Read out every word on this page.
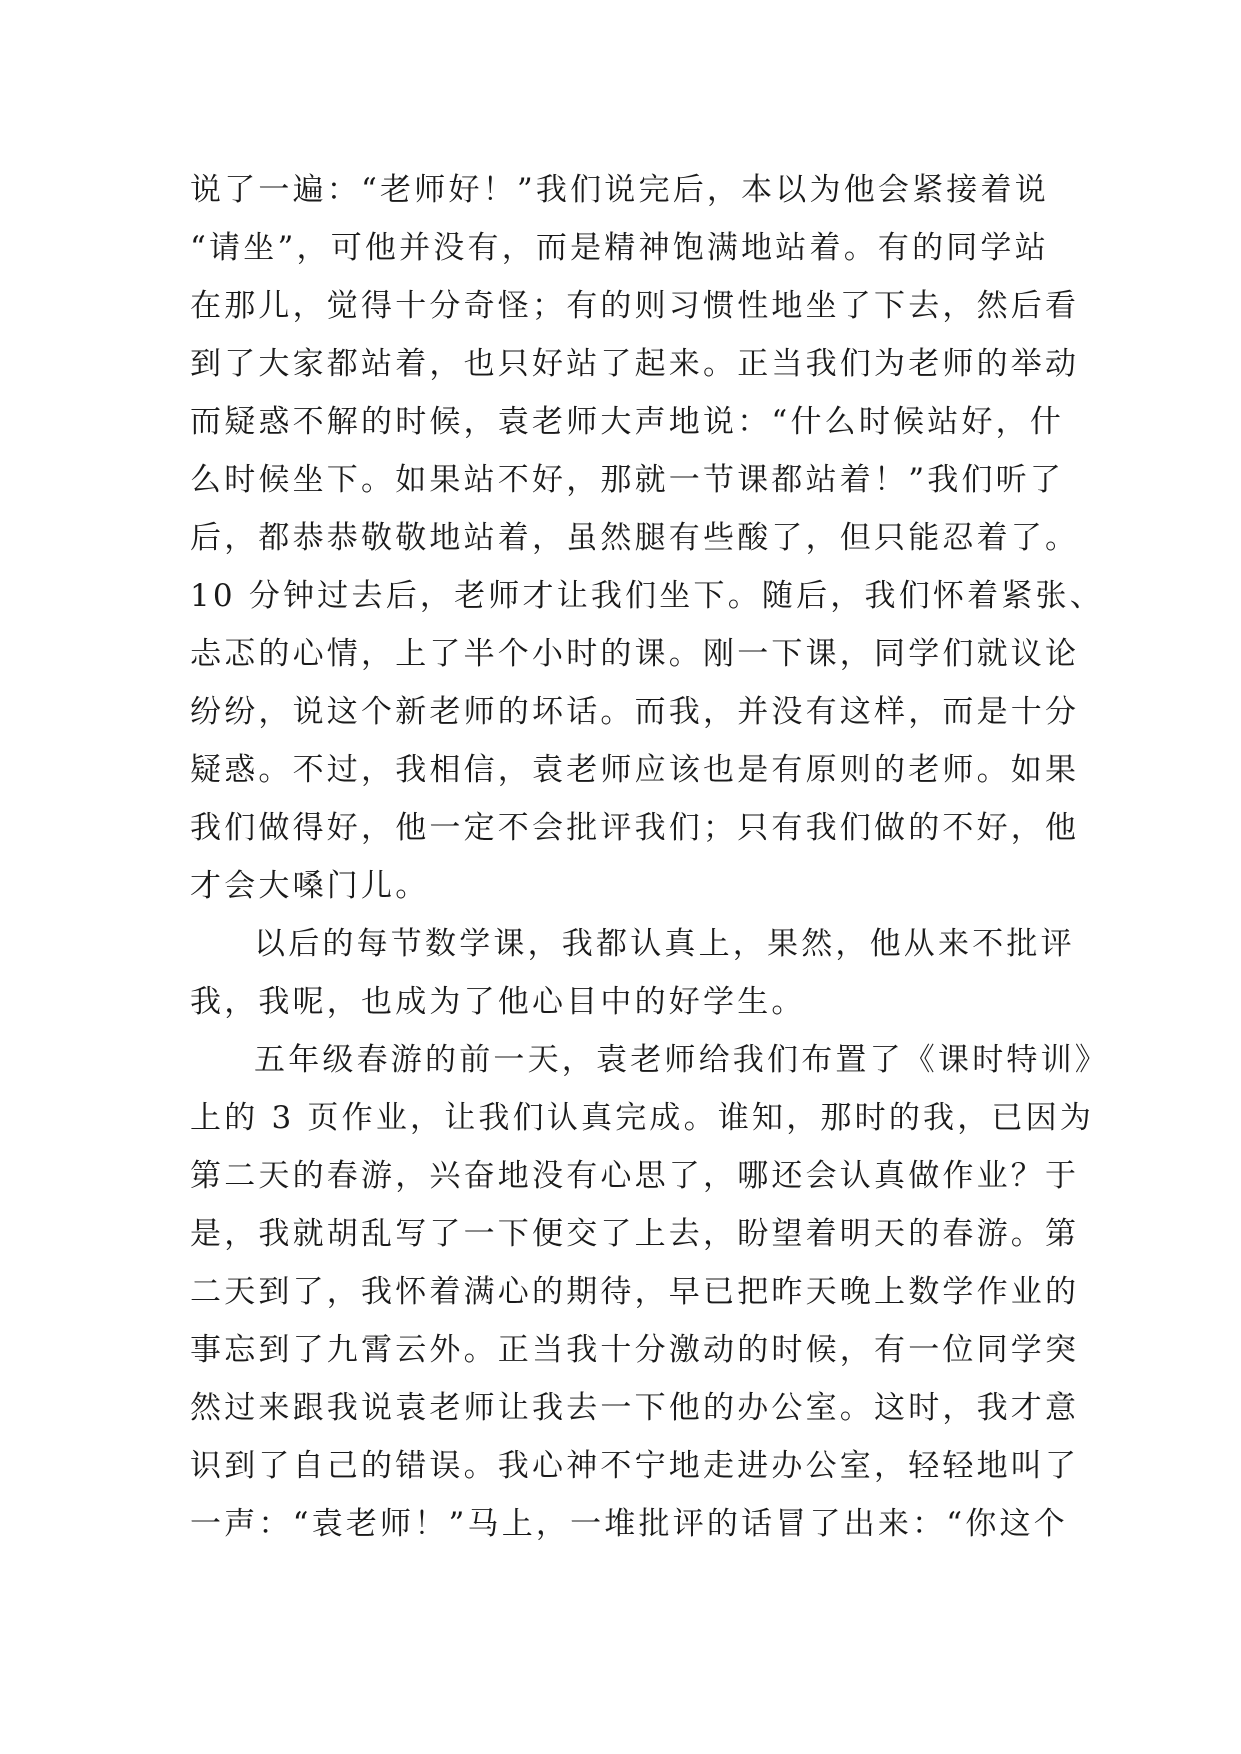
说了一遍：“老师好！”我们说完后，本以为他会紧接着说
“请坐”，可他并没有，而是精神饱满地站着。有的同学站
在那儿，觉得十分奇怪；有的则习惯性地坐了下去，然后看
到了大家都站着，也只好站了起来。正当我们为老师的举动
而疑惑不解的时候，袁老师大声地说：“什么时候站好，什
么时候坐下。如果站不好，那就一节课都站着！”我们听了
后，都恭恭敬敬地站着，虽然腿有些酸了，但只能忍着了。
10 分钟过去后，老师才让我们坐下。随后，我们怀着紧张、
忐忑的心情，上了半个小时的课。刚一下课，同学们就议论
纷纷，说这个新老师的坏话。而我，并没有这样，而是十分
疑惑。不过，我相信，袁老师应该也是有原则的老师。如果
我们做得好，他一定不会批评我们；只有我们做的不好，他
才会大嗓门儿。
以后的每节数学课，我都认真上，果然，他从来不批评
我，我呢，也成为了他心目中的好学生。
五年级春游的前一天，袁老师给我们布置了《课时特训》
上的 3 页作业，让我们认真完成。谁知，那时的我，已因为
第二天的春游，兴奋地没有心思了，哪还会认真做作业？于
是，我就胡乱写了一下便交了上去，盼望着明天的春游。第
二天到了，我怀着满心的期待，早已把昨天晚上数学作业的
事忘到了九霄云外。正当我十分激动的时候，有一位同学突
然过来跟我说袁老师让我去一下他的办公室。这时，我才意
识到了自己的错误。我心神不宁地走进办公室，轻轻地叫了
一声：“袁老师！”马上，一堆批评的话冒了出来：“你这个
